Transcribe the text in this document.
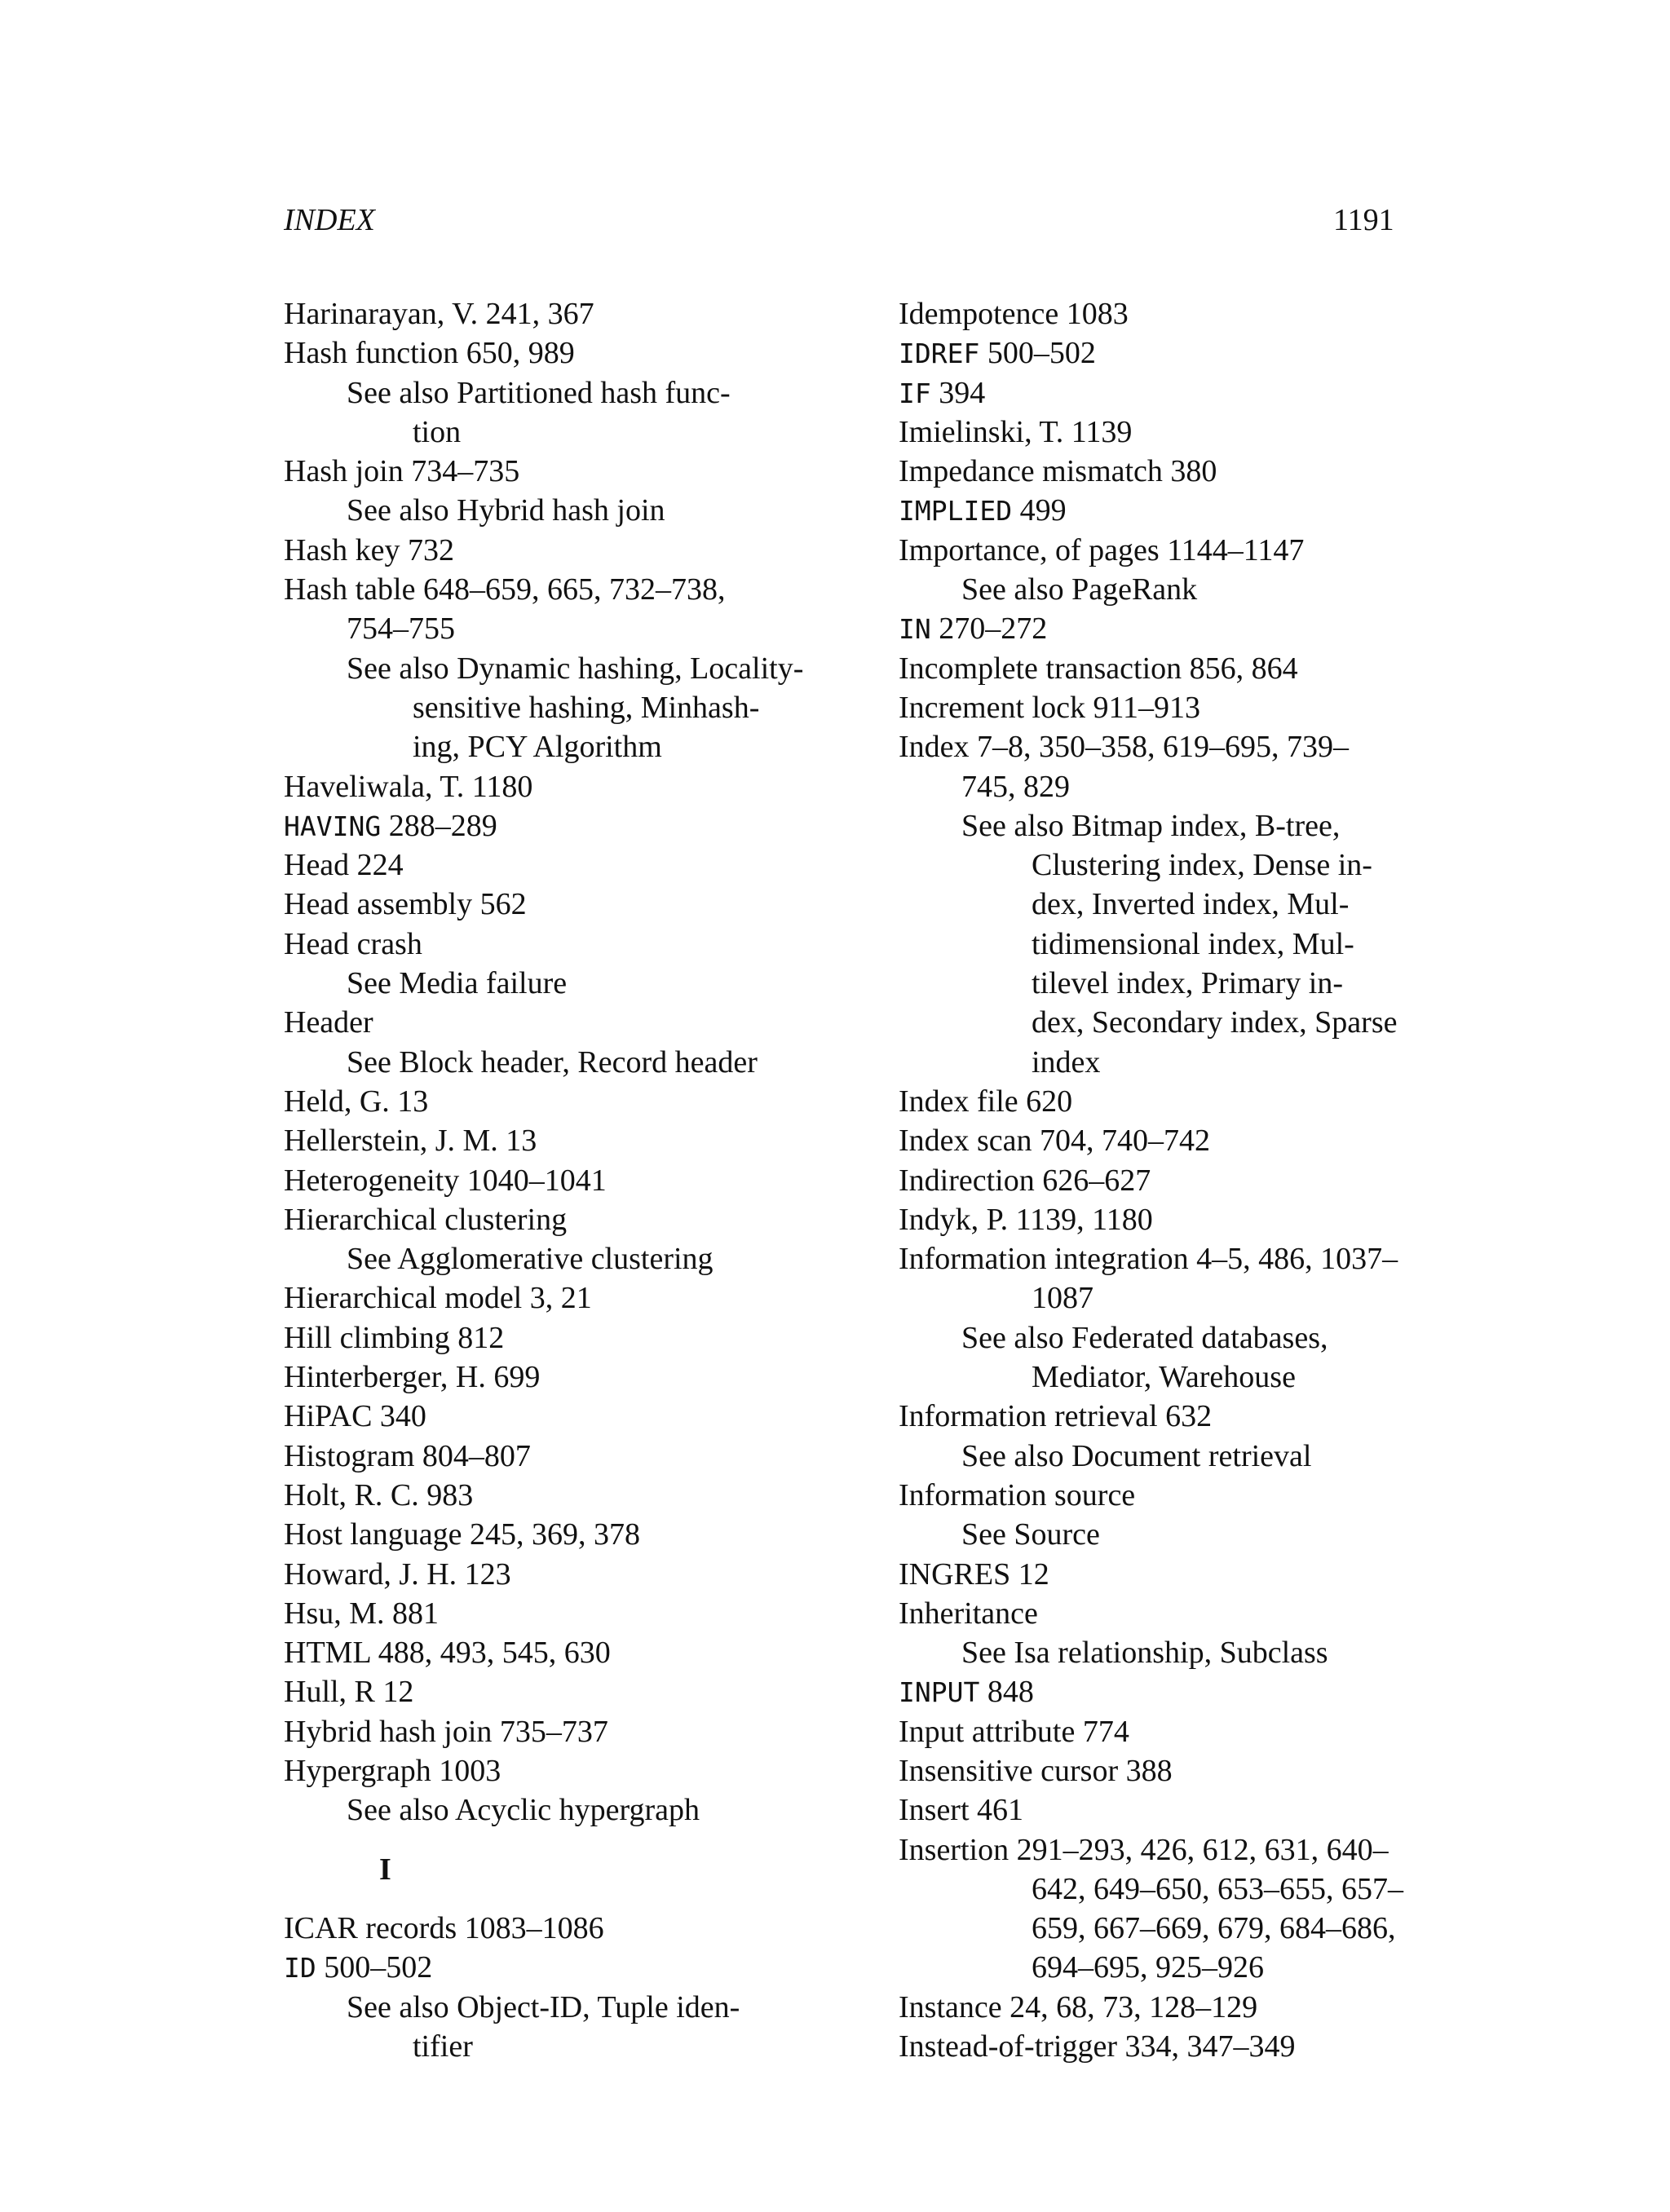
INDEX	1191
Harinarayan, V. 241, 367
Hash function 650, 989
See also Partitioned hash func-
tion
Hash join 734–735
See also Hybrid hash join
Hash key 732
Hash table 648–659, 665, 732–738,
754–755
See also Dynamic hashing, Locality-
sensitive hashing, Minhash-
ing, PCY Algorithm
Haveliwala, T. 1180
HAVING 288–289
Head 224
Head assembly 562
Head crash
See Media failure
Header
See Block header, Record header
Held, G. 13
Hellerstein, J. M. 13
Heterogeneity 1040–1041
Hierarchical clustering
See Agglomerative clustering
Hierarchical model 3, 21
Hill climbing 812
Hinterberger, H. 699
HiPAC 340
Histogram 804–807
Holt, R. C. 983
Host language 245, 369, 378
Howard, J. H. 123
Hsu, M. 881
HTML 488, 493, 545, 630
Hull, R 12
Hybrid hash join 735–737
Hypergraph 1003
See also Acyclic hypergraph
I
ICAR records 1083–1086
ID 500–502
See also Object-ID, Tuple iden-
tifier
Idempotence 1083
IDREF 500–502
IF 394
Imielinski, T. 1139
Impedance mismatch 380
IMPLIED 499
Importance, of pages 1144–1147
See also PageRank
IN 270–272
Incomplete transaction 856, 864
Increment lock 911–913
Index 7–8, 350–358, 619–695, 739–
745, 829
See also Bitmap index, B-tree,
Clustering index, Dense in-
dex, Inverted index, Mul-
tidimensional index, Mul-
tilevel index, Primary in-
dex, Secondary index, Sparse
index
Index file 620
Index scan 704, 740–742
Indirection 626–627
Indyk, P. 1139, 1180
Information integration 4–5, 486, 1037–
1087
See also Federated databases,
Mediator, Warehouse
Information retrieval 632
See also Document retrieval
Information source
See Source
INGRES 12
Inheritance
See Isa relationship, Subclass
INPUT 848
Input attribute 774
Insensitive cursor 388
Insert 461
Insertion 291–293, 426, 612, 631, 640–
642, 649–650, 653–655, 657–
659, 667–669, 679, 684–686,
694–695, 925–926
Instance 24, 68, 73, 128–129
Instead-of-trigger 334, 347–349
